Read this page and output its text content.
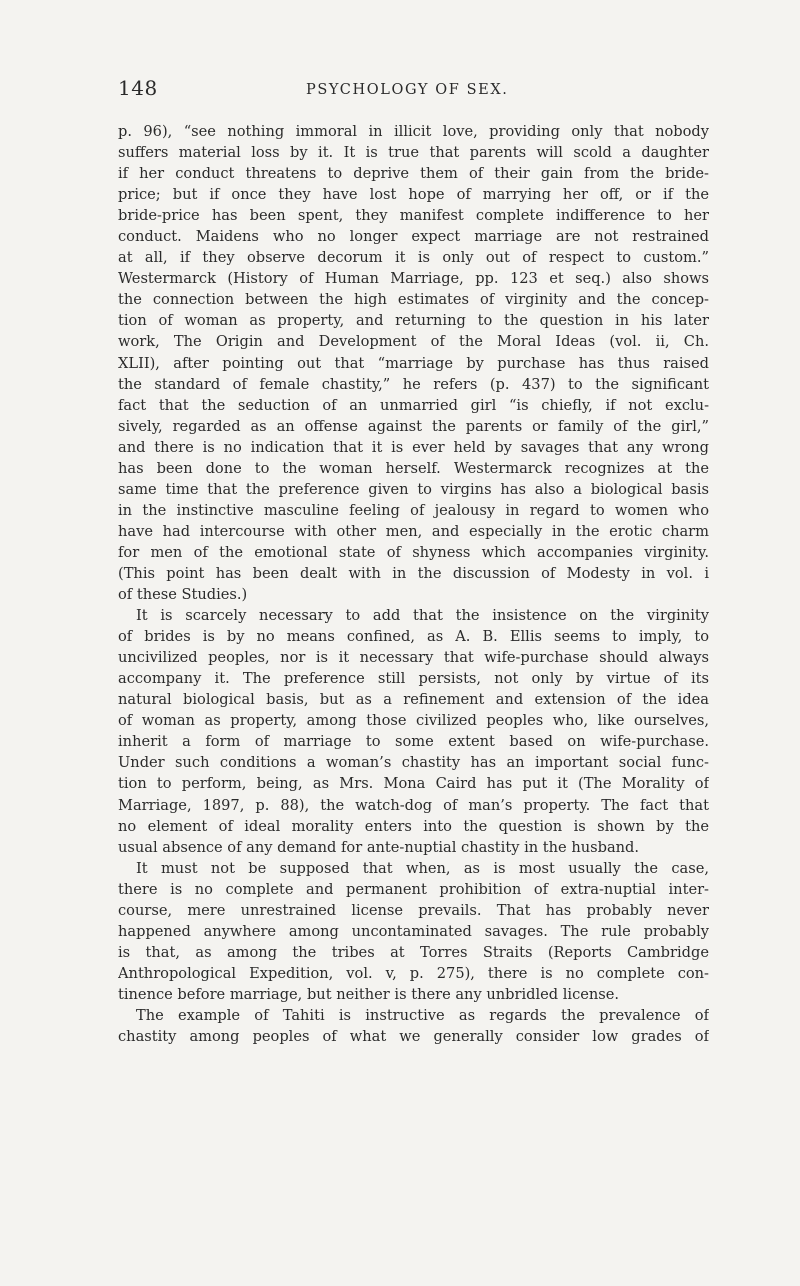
148	PSYCHOLOGY OF SEX.
p. 96), “see nothing immoral in illicit love, providing only that nobody
suffers material loss by it. It is true that parents will scold a daughter
if her conduct threatens to deprive them of their gain from the bride-
price; but if once they have lost hope of marrying her off, or if the
bride-price has been spent, they manifest complete indifference to her
conduct. Maidens who no longer expect marriage are not restrained
at all, if they observe decorum it is only out of respect to custom.”
Westermarck (History of Human Marriage, pp. 123 et seq.) also shows
the connection between the high estimates of virginity and the concep-
tion of woman as property, and returning to the question in his later
work, The Origin and Development of the Moral Ideas (vol. ii, Ch.
XLII), after pointing out that “marriage by purchase has thus raised
the standard of female chastity,” he refers (p. 437) to the significant
fact that the seduction of an unmarried girl “is chiefly, if not exclu-
sively, regarded as an offense against the parents or family of the girl,”
and there is no indication that it is ever held by savages that any wrong
has been done to the woman herself. Westermarck recognizes at the
same time that the preference given to virgins has also a biological basis
in the instinctive masculine feeling of jealousy in regard to women who
have had intercourse with other men, and especially in the erotic charm
for men of the emotional state of shyness which accompanies virginity.
(This point has been dealt with in the discussion of Modesty in vol. i
of these Studies.)
It is scarcely necessary to add that the insistence on the virginity
of brides is by no means confined, as A. B. Ellis seems to imply, to
uncivilized peoples, nor is it necessary that wife-purchase should always
accompany it. The preference still persists, not only by virtue of its
natural biological basis, but as a refinement and extension of the idea
of woman as property, among those civilized peoples who, like ourselves,
inherit a form of marriage to some extent based on wife-purchase.
Under such conditions a woman’s chastity has an important social func-
tion to perform, being, as Mrs. Mona Caird has put it (The Morality of
Marriage, 1897, p. 88), the watch-dog of man’s property. The fact that
no element of ideal morality enters into the question is shown by the
usual absence of any demand for ante-nuptial chastity in the husband.
It must not be supposed that when, as is most usually the case,
there is no complete and permanent prohibition of extra-nuptial inter-
course, mere unrestrained license prevails. That has probably never
happened anywhere among uncontaminated savages. The rule probably
is that, as among the tribes at Torres Straits (Reports Cambridge
Anthropological Expedition, vol. v, p. 275), there is no complete con-
tinence before marriage, but neither is there any unbridled license.
The example of Tahiti is instructive as regards the prevalence of
chastity among peoples of what we generally consider low grades of
